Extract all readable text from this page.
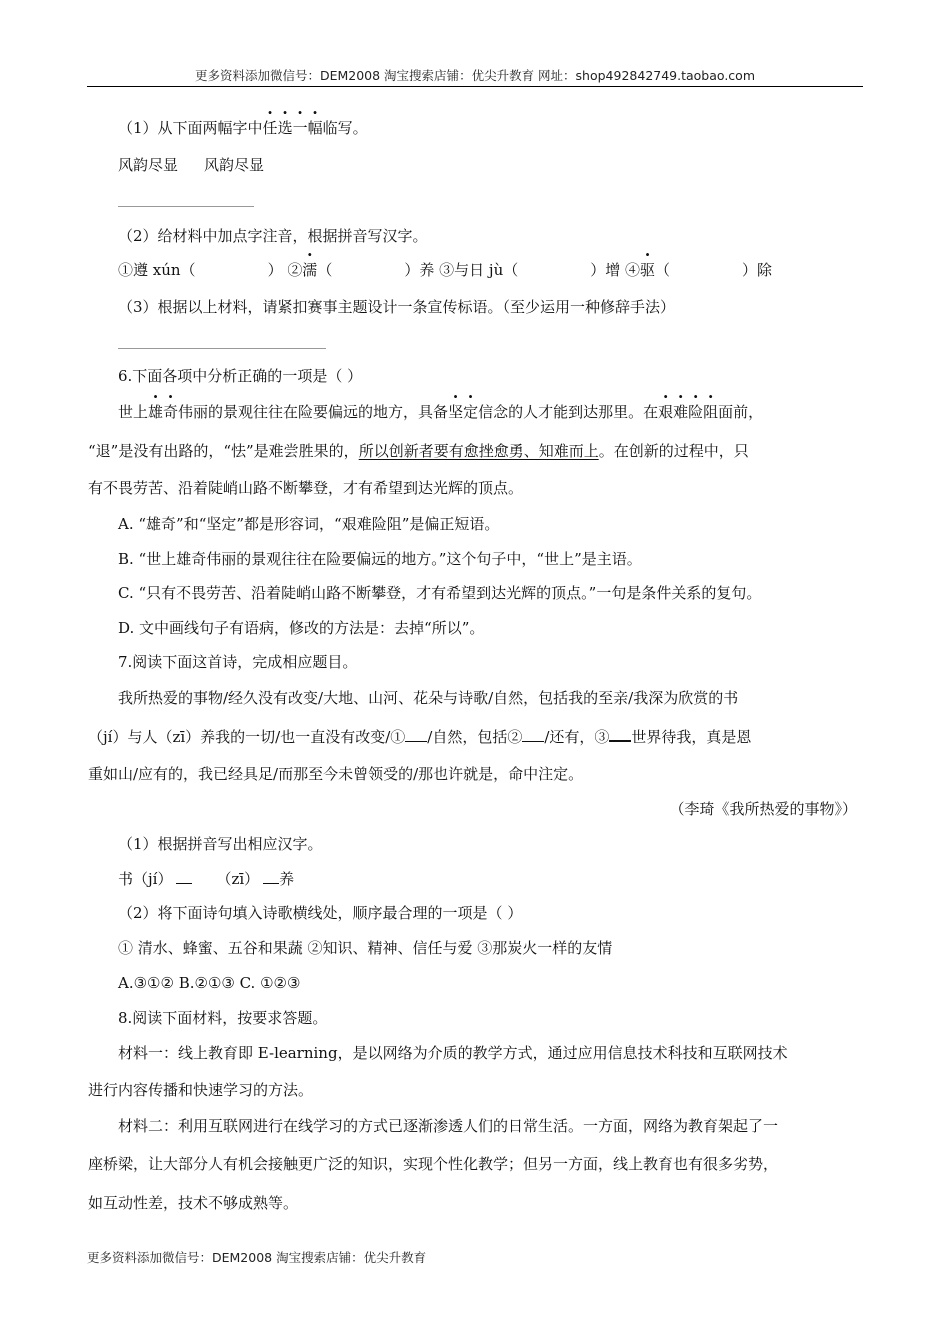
更多资料添加微信号：DEM2008 淘宝搜索店铺：优尖升教育 网址：shop492842749.taobao.com
（1）从下面两幅字中任选一幅临写。
风韵尽显 风韵尽显
（2）给材料中加点字注音，根据拼音写汉字。
①遵 xún（	） ②濡（	）养 ③与日 jù（	）增 ④驱（	）除
（3）根据以上材料，请紧扣赛事主题设计一条宣传标语。（至少运用一种修辞手法）
6.下面各项中分析正确的一项是（ ）
世上雄奇伟丽的景观往往在险要偏远的地方，具备坚定信念的人才能到达那里。在艰难险阻面前，
“退”是没有出路的，“怯”是难尝胜果的，所以创新者要有愈挫愈勇、知难而上。在创新的过程中，只
有不畏劳苦、沿着陡峭山路不断攀登，才有希望到达光辉的顶点。
A. “雄奇”和“坚定”都是形容词，“艰难险阻”是偏正短语。
B. “世上雄奇伟丽的景观往往在险要偏远的地方。”这个句子中，“世上”是主语。
C. “只有不畏劳苦、沿着陡峭山路不断攀登，才有希望到达光辉的顶点。”一句是条件关系的复句。
D. 文中画线句子有语病，修改的方法是：去掉“所以”。
7.阅读下面这首诗，完成相应题目。
我所热爱的事物/经久没有改变/大地、山河、花朵与诗歌/自然，包括我的至亲/我深为欣赏的书
（jí）与人（zī）养我的一切/也一直没有改变/① /自然，包括② /还有，③ 世界待我，真是恩
重如山/应有的，我已经具足/而那至今未曾领受的/那也许就是，命中注定。
（李琦《我所热爱的事物》）
（1）根据拼音写出相应汉字。
书（jí）	（zī） 养
（2）将下面诗句填入诗歌横线处，顺序最合理的一项是（ ）
① 清水、蜂蜜、五谷和果蔬 ②知识、精神、信任与爱 ③那炭火一样的友情
A.③①② B.②①③ C. ①②③
8.阅读下面材料，按要求答题。
材料一：线上教育即 E-learning，是以网络为介质的教学方式，通过应用信息技术科技和互联网技术
进行内容传播和快速学习的方法。
材料二：利用互联网进行在线学习的方式已逐渐渗透人们的日常生活。一方面，网络为教育架起了一
座桥梁，让大部分人有机会接触更广泛的知识，实现个性化教学；但另一方面，线上教育也有很多劣势，
如互动性差，技术不够成熟等。
更多资料添加微信号：DEM2008 淘宝搜索店铺：优尖升教育
